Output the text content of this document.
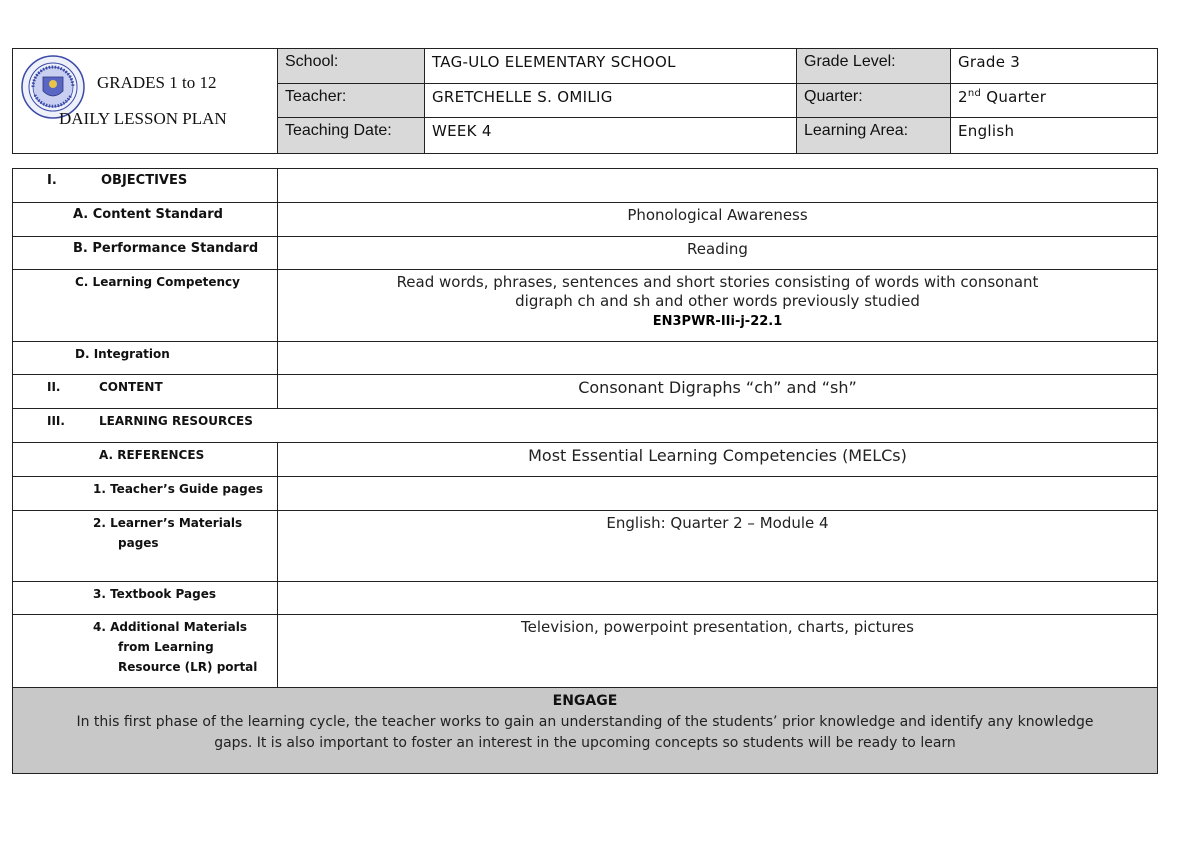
GRADES 1 to 12
DAILY LESSON PLAN	School:	TAG-ULO ELEMENTARY SCHOOL	Grade Level:	Grade 3
	Teacher:	GRETCHELLE S. OMILIG	Quarter:	2nd Quarter
	Teaching Date:	WEEK 4	Learning Area:	English
I. OBJECTIVES	
A. Content Standard	Phonological Awareness
B. Performance Standard	Reading
C. Learning Competency	Read words, phrases, sentences and short stories consisting of words with consonant
digraph ch and sh and other words previously studied
EN3PWR-IIi-j-22.1

D. Integration	
II. CONTENT	Consonant Digraphs “ch” and “sh”
III. LEARNING RESOURCES	
A. REFERENCES	Most Essential Learning Competencies (MELCs)
1. Teacher’s Guide pages	

2. Learner’s Materials
pages	English: Quarter 2 – Module 4
3. Textbook Pages	

4. Additional Materials
from Learning
Resource (LR) portal	Television, powerpoint presentation, charts, pictures

ENGAGE
In this first phase of the learning cycle, the teacher works to gain an understanding of the students’ prior knowledge and identify any knowledge
gaps. It is also important to foster an interest in the upcoming concepts so students will be ready to learn	
